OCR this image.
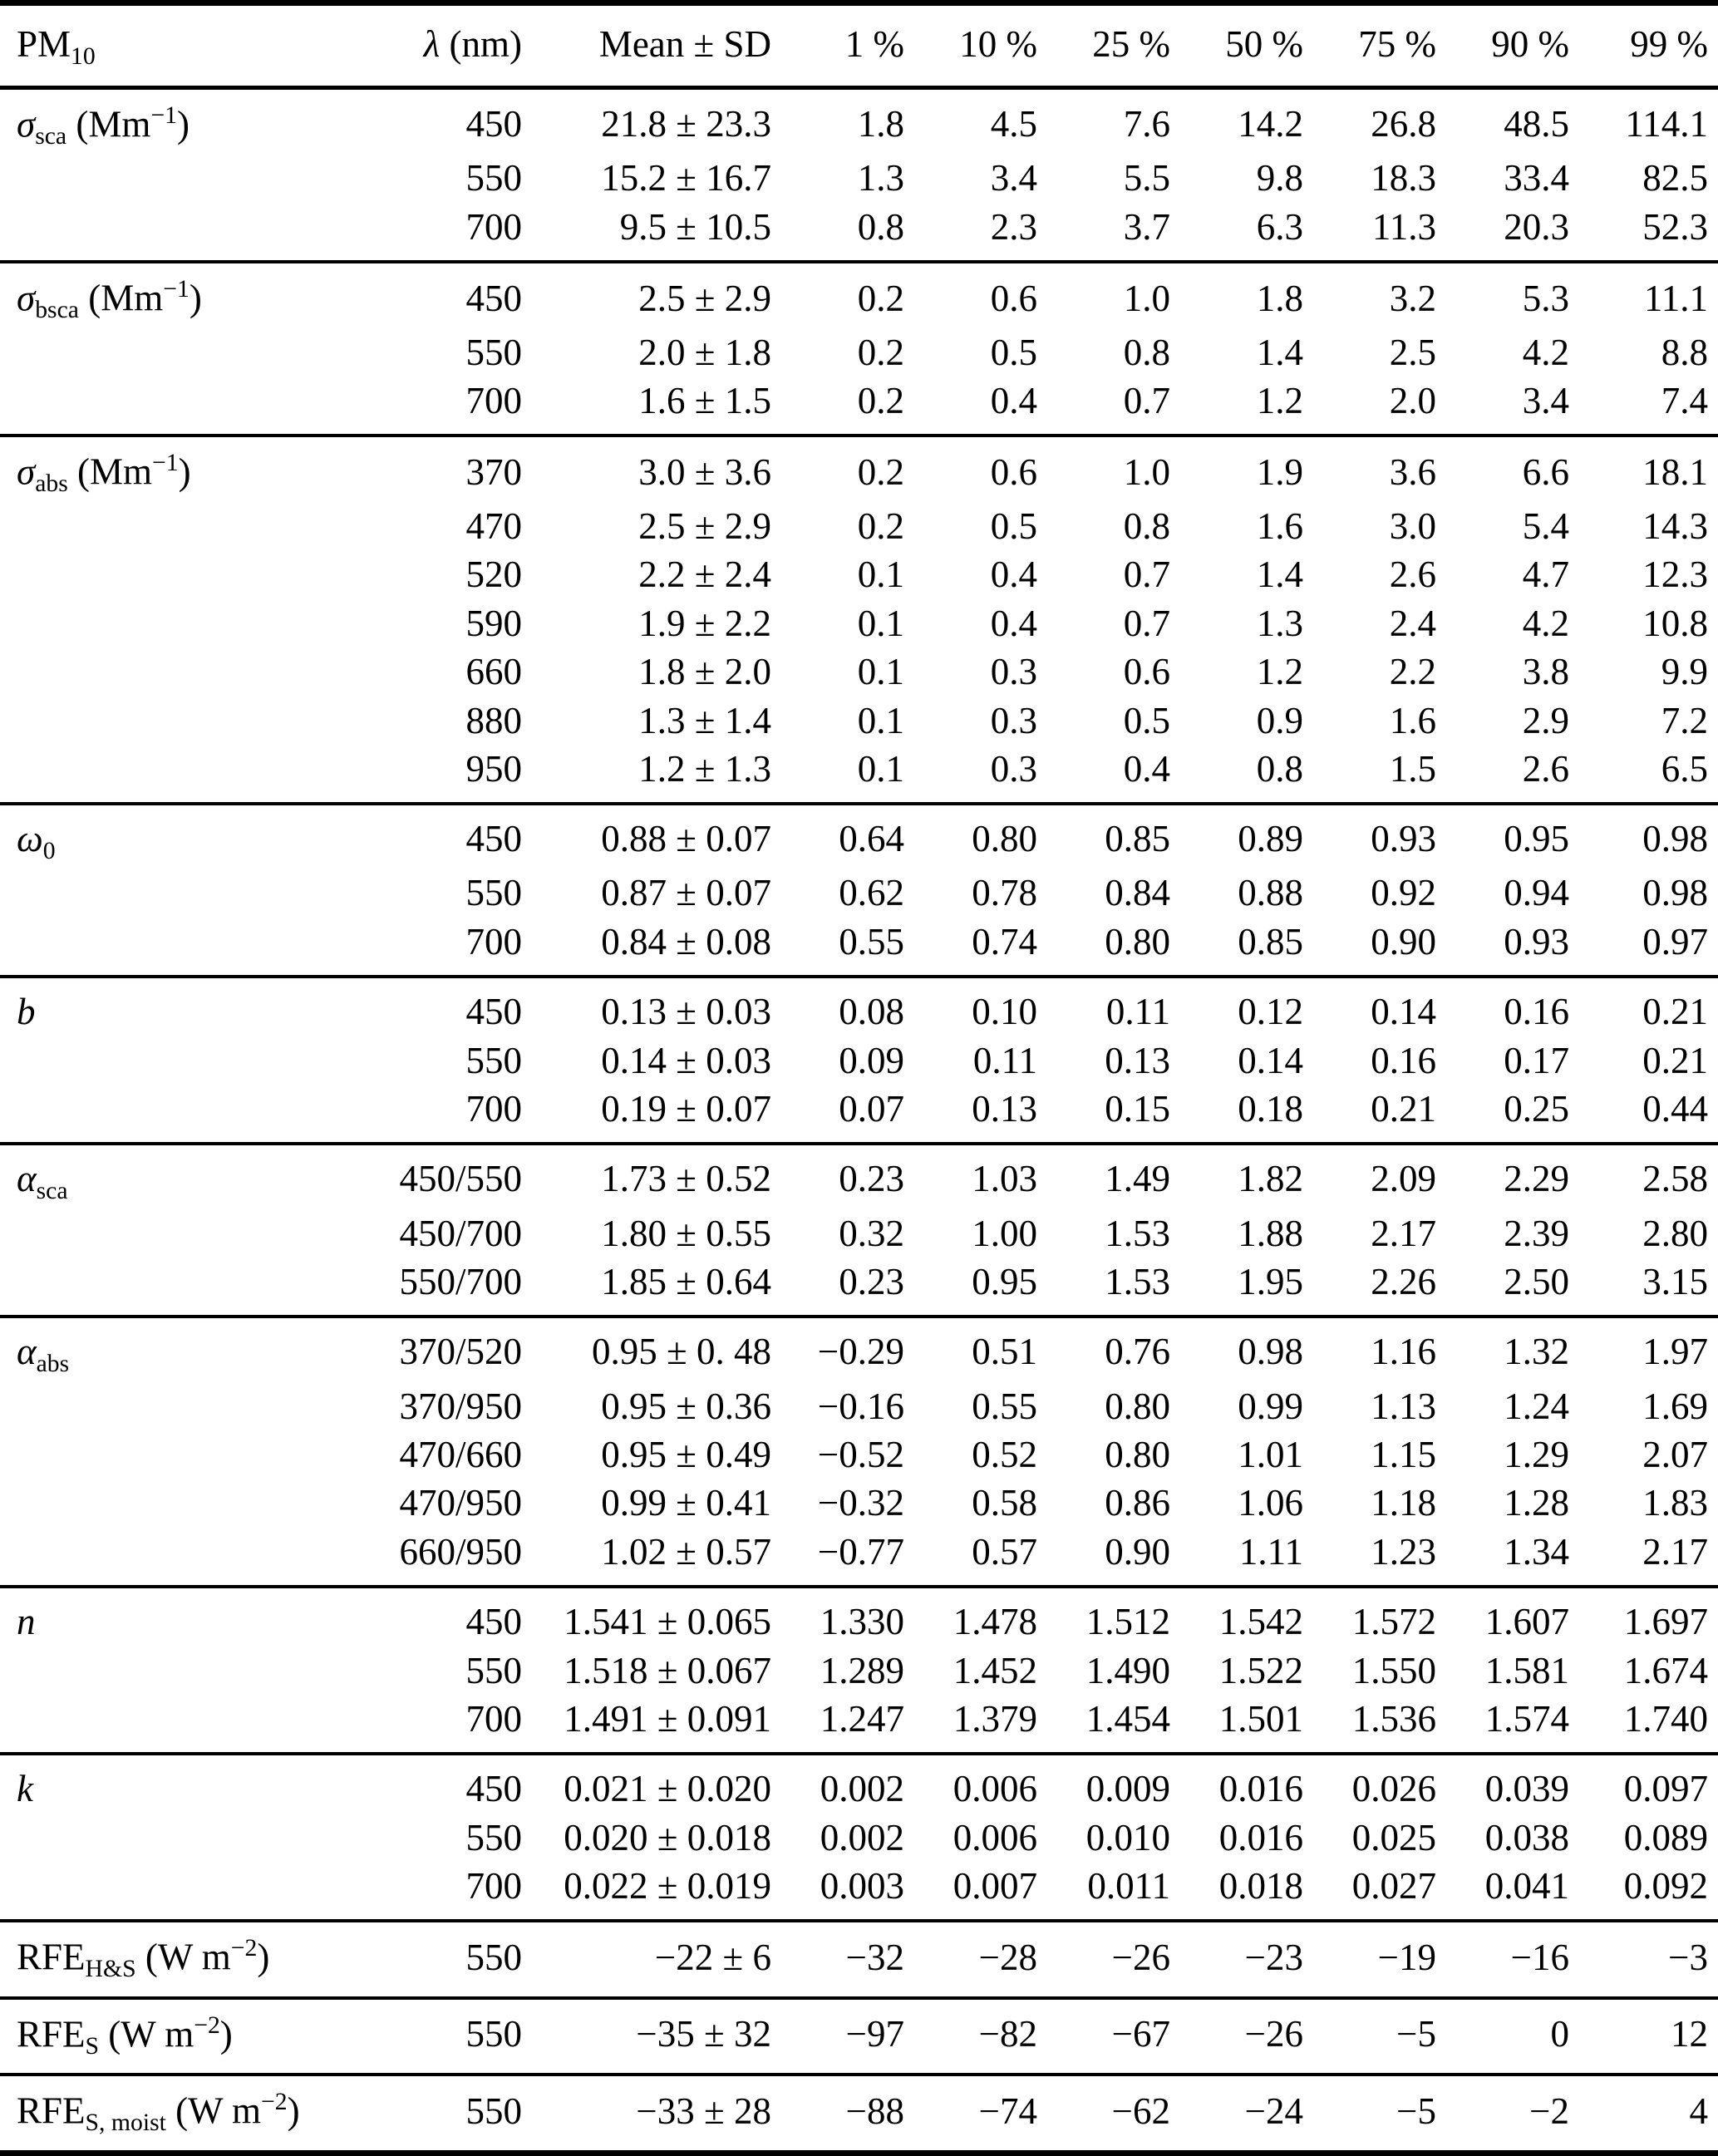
$PM_{10}$	λ (nm)	Mean ± SD	1 %	10 %	25 %	50 %	75 %	90 %	99 %
$\sigma_{sca}$ $(Mm^{-1})$	450	21.8 ± 23.3	1.8	4.5	7.6	14.2	26.8	48.5	114.1
	550	15.2 ± 16.7	1.3	3.4	5.5	9.8	18.3	33.4	82.5
	700	9.5 ± 10.5	0.8	2.3	3.7	6.3	11.3	20.3	52.3
$\sigma_{bsca}$ $(Mm^{-1})$	450	2.5 ± 2.9	0.2	0.6	1.0	1.8	3.2	5.3	11.1
	550	2.0 ± 1.8	0.2	0.5	0.8	1.4	2.5	4.2	8.8
	700	1.6 ± 1.5	0.2	0.4	0.7	1.2	2.0	3.4	7.4
$\sigma_{abs}$ $(Mm^{-1})$	370	3.0 ± 3.6	0.2	0.6	1.0	1.9	3.6	6.6	18.1
	470	2.5 ± 2.9	0.2	0.5	0.8	1.6	3.0	5.4	14.3
	520	2.2 ± 2.4	0.1	0.4	0.7	1.4	2.6	4.7	12.3
	590	1.9 ± 2.2	0.1	0.4	0.7	1.3	2.4	4.2	10.8
	660	1.8 ± 2.0	0.1	0.3	0.6	1.2	2.2	3.8	9.9
	880	1.3 ± 1.4	0.1	0.3	0.5	0.9	1.6	2.9	7.2
	950	1.2 ± 1.3	0.1	0.3	0.4	0.8	1.5	2.6	6.5
$\omega_0$	450	0.88 ± 0.07	0.64	0.80	0.85	0.89	0.93	0.95	0.98
	550	0.87 ± 0.07	0.62	0.78	0.84	0.88	0.92	0.94	0.98
	700	0.84 ± 0.08	0.55	0.74	0.80	0.85	0.90	0.93	0.97
b	450	0.13 ± 0.03	0.08	0.10	0.11	0.12	0.14	0.16	0.21
	550	0.14 ± 0.03	0.09	0.11	0.13	0.14	0.16	0.17	0.21
	700	0.19 ± 0.07	0.07	0.13	0.15	0.18	0.21	0.25	0.44
$\alpha_{sca}$	450/550	1.73 ± 0.52	0.23	1.03	1.49	1.82	2.09	2.29	2.58
	450/700	1.80 ± 0.55	0.32	1.00	1.53	1.88	2.17	2.39	2.80
	550/700	1.85 ± 0.64	0.23	0.95	1.53	1.95	2.26	2.50	3.15
$\alpha_{abs}$	370/520	0.95 ± 0. 48	−0.29	0.51	0.76	0.98	1.16	1.32	1.97
	370/950	0.95 ± 0.36	−0.16	0.55	0.80	0.99	1.13	1.24	1.69
	470/660	0.95 ± 0.49	−0.52	0.52	0.80	1.01	1.15	1.29	2.07
	470/950	0.99 ± 0.41	−0.32	0.58	0.86	1.06	1.18	1.28	1.83
	660/950	1.02 ± 0.57	−0.77	0.57	0.90	1.11	1.23	1.34	2.17
n	450	1.541 ± 0.065	1.330	1.478	1.512	1.542	1.572	1.607	1.697
	550	1.518 ± 0.067	1.289	1.452	1.490	1.522	1.550	1.581	1.674
	700	1.491 ± 0.091	1.247	1.379	1.454	1.501	1.536	1.574	1.740
k	450	0.021 ± 0.020	0.002	0.006	0.009	0.016	0.026	0.039	0.097
	550	0.020 ± 0.018	0.002	0.006	0.010	0.016	0.025	0.038	0.089
	700	0.022 ± 0.019	0.003	0.007	0.011	0.018	0.027	0.041	0.092
$RFE_{H\&S}$ (W $m^{-2}$)	550	−22 ± 6	−32	−28	−26	−23	−19	−16	−3
$RFE_S$ (W $m^{-2}$)	550	−35 ± 32	−97	−82	−67	−26	−5	0	12
$RFE_{S, moist}$ (W $m^{-2}$)	550	−33 ± 28	−88	−74	−62	−24	−5	−2	4
